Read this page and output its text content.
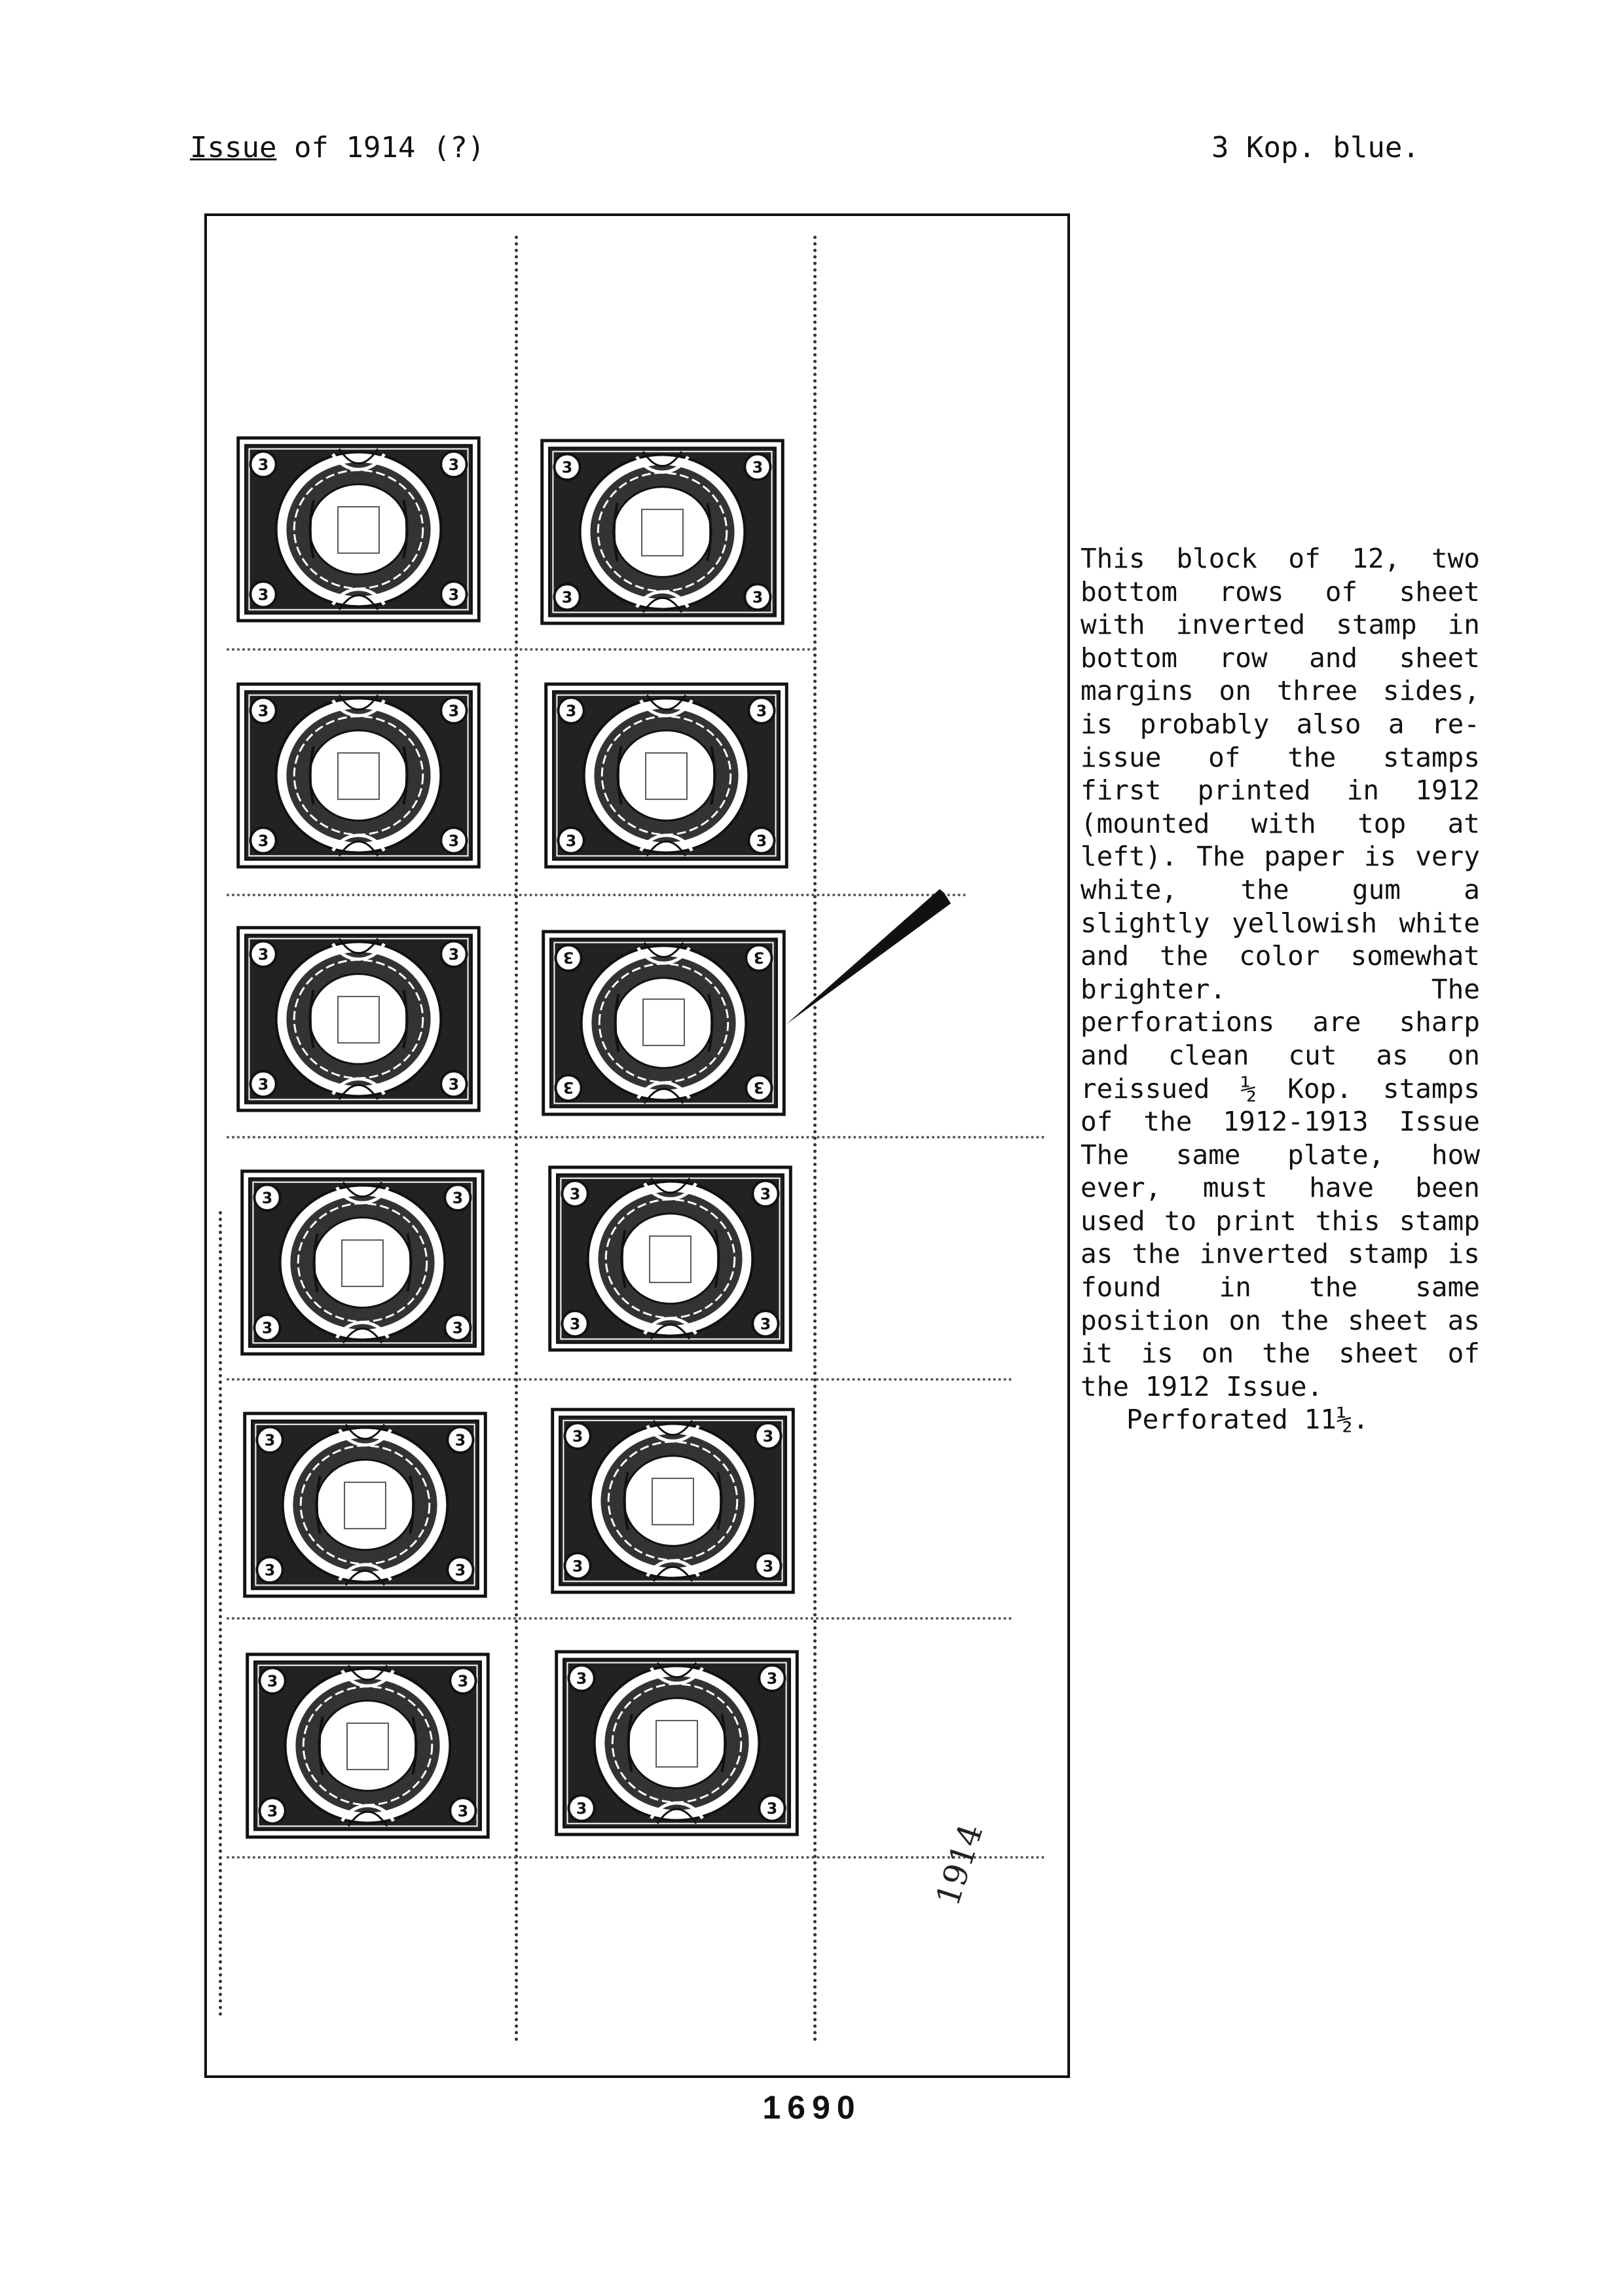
Issue of 1914 (?)	3 Kop. blue.
1914

This block of 12, two bottom rows of sheet with inverted stamp in bottom row and sheet margins on three sides, is probably also a re-issue of the stamps first printed in 1912 (mounted with top at left). The paper is very white, the gum a slightly yellowish white and the color somewhat brighter. The perforations are sharp and clean cut as on reissued ½ Kop. stamps of the 1912-1913 Issue The same plate, how ever, must have been used to print this stamp as the inverted stamp is found in the same position on the sheet as it is on the sheet of the 1912 Issue.

Perforated 11½.

1690
